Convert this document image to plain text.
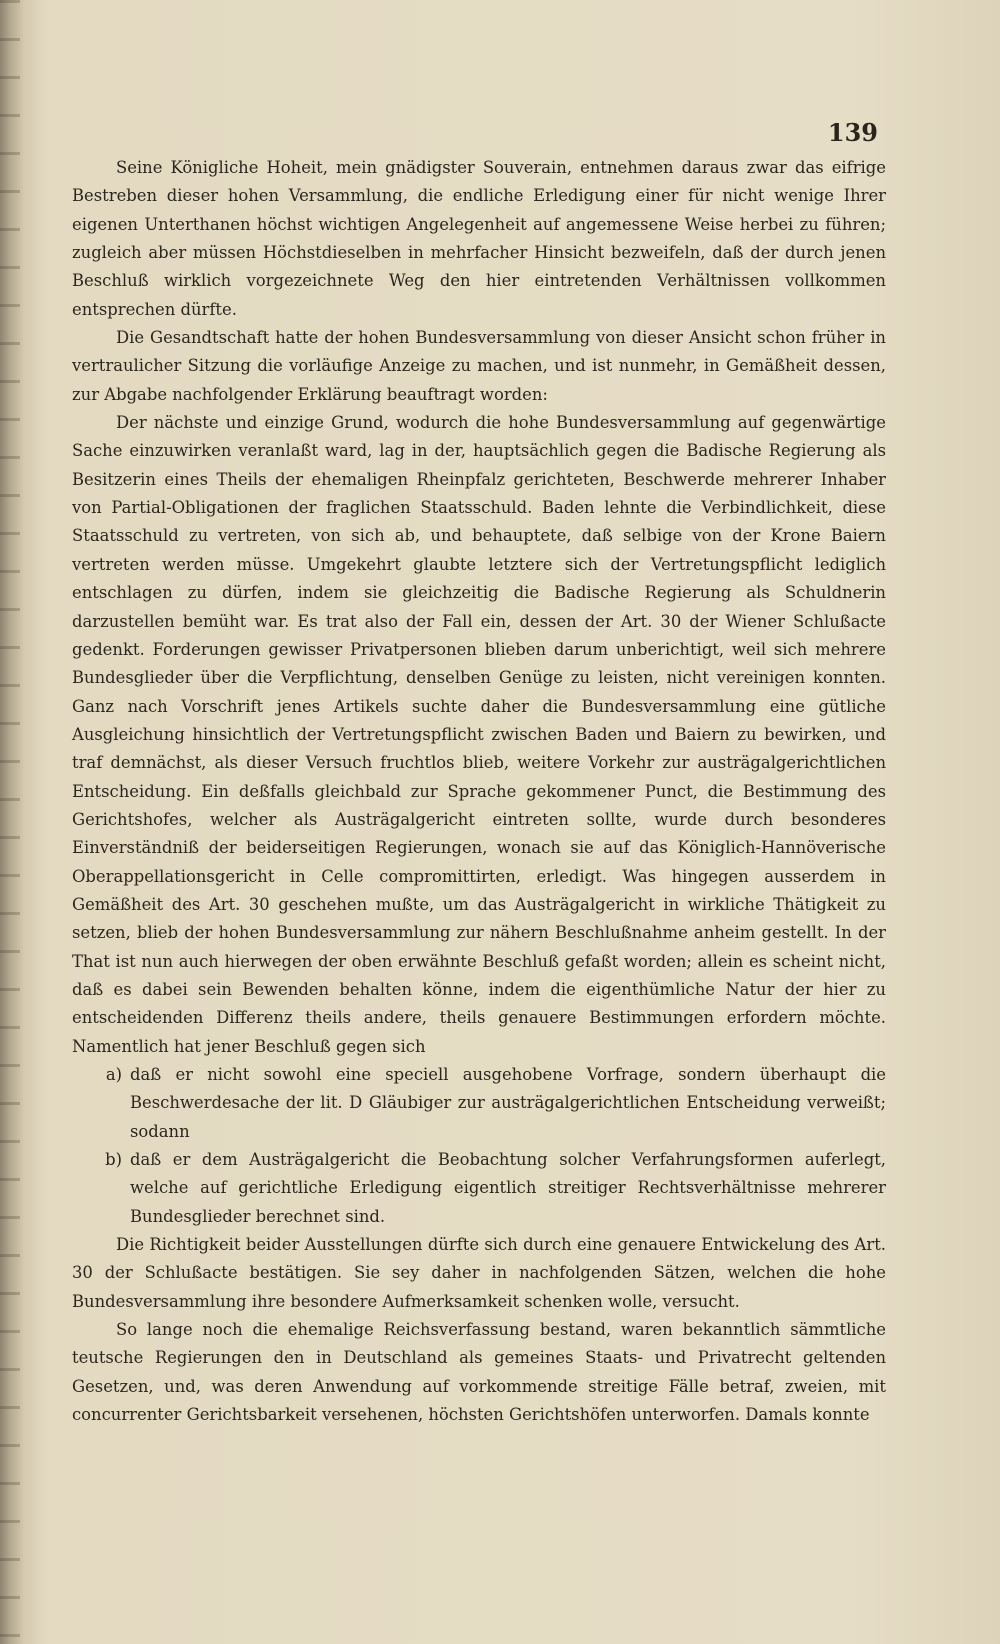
139

Seine Königliche Hoheit, mein gnädigster Souverain, entnehmen daraus zwar das eifrige Bestreben dieser hohen Versammlung, die endliche Erledigung einer für nicht wenige Ihrer eigenen Unterthanen höchst wichtigen Angelegenheit auf angemessene Weise herbei zu führen; zugleich aber müssen Höchstdieselben in mehrfacher Hinsicht bezweifeln, daß der durch jenen Beschluß wirklich vorgezeichnete Weg den hier eintretenden Verhältnissen vollkommen entsprechen dürfte.

Die Gesandtschaft hatte der hohen Bundesversammlung von dieser Ansicht schon früher in vertraulicher Sitzung die vorläufige Anzeige zu machen, und ist nunmehr, in Gemäßheit dessen, zur Abgabe nachfolgender Erklärung beauftragt worden:

Der nächste und einzige Grund, wodurch die hohe Bundesversammlung auf gegenwärtige Sache einzuwirken veranlaßt ward, lag in der, hauptsächlich gegen die Badische Regierung als Besitzerin eines Theils der ehemaligen Rheinpfalz gerichteten, Beschwerde mehrerer Inhaber von Partial-Obligationen der fraglichen Staatsschuld. Baden lehnte die Verbindlichkeit, diese Staatsschuld zu vertreten, von sich ab, und behauptete, daß selbige von der Krone Baiern vertreten werden müsse. Umgekehrt glaubte letztere sich der Vertretungspflicht lediglich entschlagen zu dürfen, indem sie gleichzeitig die Badische Regierung als Schuldnerin darzustellen bemüht war. Es trat also der Fall ein, dessen der Art. 30 der Wiener Schlußacte gedenkt. Forderungen gewisser Privatpersonen blieben darum unberichtigt, weil sich mehrere Bundesglieder über die Verpflichtung, denselben Genüge zu leisten, nicht vereinigen konnten. Ganz nach Vorschrift jenes Artikels suchte daher die Bundesversammlung eine gütliche Ausgleichung hinsichtlich der Vertretungspflicht zwischen Baden und Baiern zu bewirken, und traf demnächst, als dieser Versuch fruchtlos blieb, weitere Vorkehr zur austrägalgerichtlichen Entscheidung. Ein deßfalls gleichbald zur Sprache gekommener Punct, die Bestimmung des Gerichtshofes, welcher als Austrägalgericht eintreten sollte, wurde durch besonderes Einverständniß der beiderseitigen Regierungen, wonach sie auf das Königlich-Hannöverische Oberappellationsgericht in Celle compromittirten, erledigt. Was hingegen ausserdem in Gemäßheit des Art. 30 geschehen mußte, um das Austrägalgericht in wirkliche Thätigkeit zu setzen, blieb der hohen Bundesversammlung zur nähern Beschlußnahme anheim gestellt. In der That ist nun auch hierwegen der oben erwähnte Beschluß gefaßt worden; allein es scheint nicht, daß es dabei sein Bewenden behalten könne, indem die eigenthümliche Natur der hier zu entscheidenden Differenz theils andere, theils genauere Bestimmungen erfordern möchte. Namentlich hat jener Beschluß gegen sich

a) daß er nicht sowohl eine speciell ausgehobene Vorfrage, sondern überhaupt die Beschwerdesache der lit. D Gläubiger zur austrägalgerichtlichen Entscheidung verweißt; sodann
b) daß er dem Austrägalgericht die Beobachtung solcher Verfahrungsformen auferlegt, welche auf gerichtliche Erledigung eigentlich streitiger Rechtsverhältnisse mehrerer Bundesglieder berechnet sind.

Die Richtigkeit beider Ausstellungen dürfte sich durch eine genauere Entwickelung des Art. 30 der Schlußacte bestätigen. Sie sey daher in nachfolgenden Sätzen, welchen die hohe Bundesversammlung ihre besondere Aufmerksamkeit schenken wolle, versucht.

So lange noch die ehemalige Reichsverfassung bestand, waren bekanntlich sämmtliche teutsche Regierungen den in Deutschland als gemeines Staats- und Privatrecht geltenden Gesetzen, und, was deren Anwendung auf vorkommende streitige Fälle betraf, zweien, mit concurrenter Gerichtsbarkeit versehenen, höchsten Gerichtshöfen unterworfen. Damals konnte
